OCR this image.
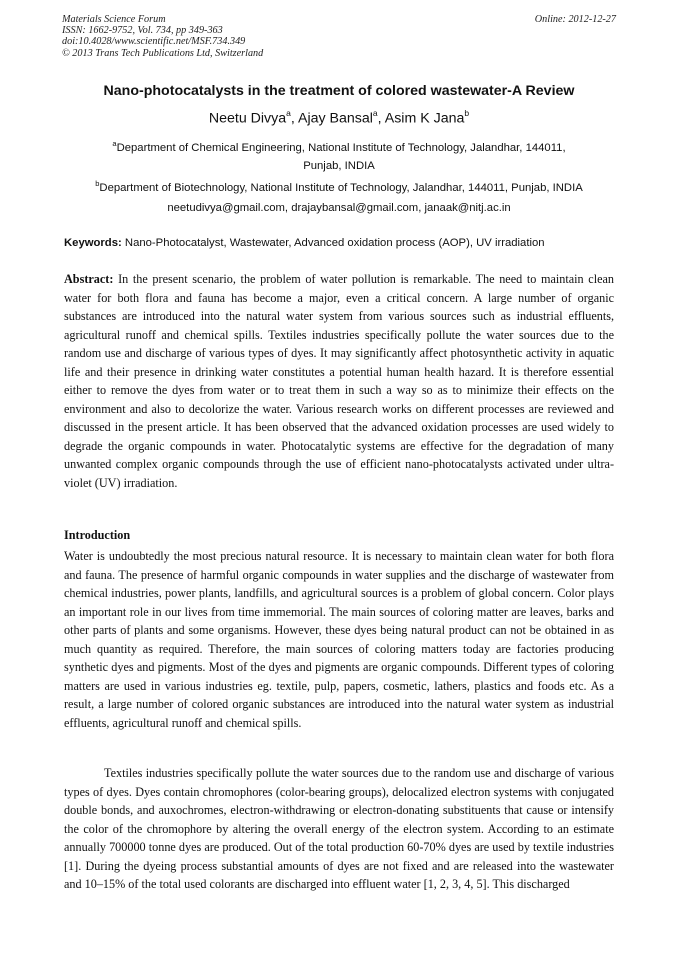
Materials Science Forum
ISSN: 1662-9752, Vol. 734, pp 349-363
doi:10.4028/www.scientific.net/MSF.734.349
© 2013 Trans Tech Publications Ltd, Switzerland
Online: 2012-12-27
Nano-photocatalysts in the treatment of colored wastewater-A Review
Neetu Divya$^a$, Ajay Bansal$^a$, Asim K Jana$^b$
$^a$Department of Chemical Engineering, National Institute of Technology, Jalandhar, 144011,
Punjab, INDIA
$^b$Department of Biotechnology, National Institute of Technology, Jalandhar, 144011, Punjab, INDIA
neetudivya@gmail.com, drajaybansal@gmail.com, janaak@nitj.ac.in
Keywords: Nano-Photocatalyst, Wastewater, Advanced oxidation process (AOP), UV irradiation
Abstract: In the present scenario, the problem of water pollution is remarkable. The need to maintain clean water for both flora and fauna has become a major, even a critical concern. A large number of organic substances are introduced into the natural water system from various sources such as industrial effluents, agricultural runoff and chemical spills. Textiles industries specifically pollute the water sources due to the random use and discharge of various types of dyes. It may significantly affect photosynthetic activity in aquatic life and their presence in drinking water constitutes a potential human health hazard. It is therefore essential either to remove the dyes from water or to treat them in such a way so as to minimize their effects on the environment and also to decolorize the water. Various research works on different processes are reviewed and discussed in the present article. It has been observed that the advanced oxidation processes are used widely to degrade the organic compounds in water. Photocatalytic systems are effective for the degradation of many unwanted complex organic compounds through the use of efficient nano-photocatalysts activated under ultra-violet (UV) irradiation.
Introduction
Water is undoubtedly the most precious natural resource. It is necessary to maintain clean water for both flora and fauna. The presence of harmful organic compounds in water supplies and the discharge of wastewater from chemical industries, power plants, landfills, and agricultural sources is a problem of global concern. Color plays an important role in our lives from time immemorial. The main sources of coloring matter are leaves, barks and other parts of plants and some organisms. However, these dyes being natural product can not be obtained in as much quantity as required. Therefore, the main sources of coloring matters today are factories producing synthetic dyes and pigments. Most of the dyes and pigments are organic compounds. Different types of coloring matters are used in various industries eg. textile, pulp, papers, cosmetic, lathers, plastics and foods etc. As a result, a large number of colored organic substances are introduced into the natural water system as industrial effluents, agricultural runoff and chemical spills.
Textiles industries specifically pollute the water sources due to the random use and discharge of various types of dyes. Dyes contain chromophores (color-bearing groups), delocalized electron systems with conjugated double bonds, and auxochromes, electron-withdrawing or electron-donating substituents that cause or intensify the color of the chromophore by altering the overall energy of the electron system. According to an estimate annually 700000 tonne dyes are produced. Out of the total production 60-70% dyes are used by textile industries [1]. During the dyeing process substantial amounts of dyes are not fixed and are released into the wastewater and 10–15% of the total used colorants are discharged into effluent water [1, 2, 3, 4, 5]. This discharged
